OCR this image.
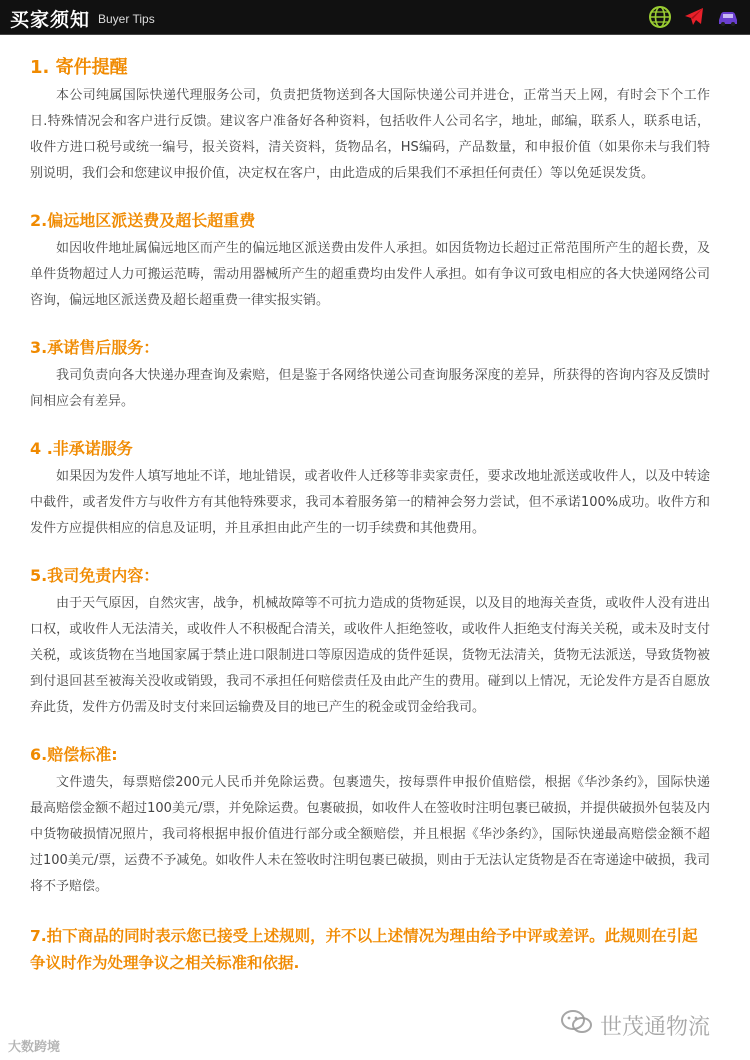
买家须知 Buyer Tips
1. 寄件提醒

本公司纯属国际快递代理服务公司，负责把货物送到各大国际快递公司并进仓，正常当天上网，有时会下个工作日.特殊情况会和客户进行反馈。建议客户准备好各种资料，包括收件人公司名字，地址，邮编，联系人，联系电话，收件方进口税号或统一编号，报关资料，清关资料，货物品名，HS编码，产品数量，和申报价值（如果你未与我们特别说明，我们会和您建议申报价值，决定权在客户，由此造成的后果我们不承担任何责任）等以免延误发货。

2.偏远地区派送费及超长超重费

如因收件地址属偏远地区而产生的偏远地区派送费由发件人承担。如因货物边长超过正常范围所产生的超长费，及单件货物超过人力可搬运范畴，需动用器械所产生的超重费均由发件人承担。如有争议可致电相应的各大快递网络公司咨询，偏远地区派送费及超长超重费一律实报实销。

3.承诺售后服务：

我司负责向各大快递办理查询及索赔，但是鉴于各网络快递公司查询服务深度的差异，所获得的咨询内容及反馈时间相应会有差异。

4 .非承诺服务

如果因为发件人填写地址不详，地址错误，或者收件人迁移等非卖家责任，要求改地址派送或收件人，以及中转途中截件，或者发件方与收件方有其他特殊要求，我司本着服务第一的精神会努力尝试，但不承诺100%成功。收件方和发件方应提供相应的信息及证明，并且承担由此产生的一切手续费和其他费用。

5.我司免责内容：

由于天气原因，自然灾害，战争，机械故障等不可抗力造成的货物延误，以及目的地海关查货，或收件人没有进出口权，或收件人无法清关，或收件人不积极配合清关，或收件人拒绝签收，或收件人拒绝支付海关关税，或未及时支付关税，或该货物在当地国家属于禁止进口限制进口等原因造成的货件延误，货物无法清关，货物无法派送，导致货物被到付退回甚至被海关没收或销毁，我司不承担任何赔偿责任及由此产生的费用。碰到以上情况，无论发件方是否自愿放弃此货，发件方仍需及时支付来回运输费及目的地已产生的税金或罚金给我司。

6.赔偿标准:

文件遗失，每票赔偿200元人民币并免除运费。包裹遗失，按每票件申报价值赔偿，根据《华沙条约》，国际快递最高赔偿金额不超过100美元/票，并免除运费。包裹破损，如收件人在签收时注明包裹已破损，并提供破损外包装及内中货物破损情况照片，我司将根据申报价值进行部分或全额赔偿，并且根据《华沙条约》，国际快递最高赔偿金额不超过100美元/票，运费不予减免。如收件人未在签收时注明包裹已破损，则由于无法认定货物是否在寄递途中破损，我司将不予赔偿。

7.拍下商品的同时表示您已接受上述规则，并不以上述情况为理由给予中评或差评。此规则在引起争议时作为处理争议之相关标准和依据.
大数跨境
世茂通物流
